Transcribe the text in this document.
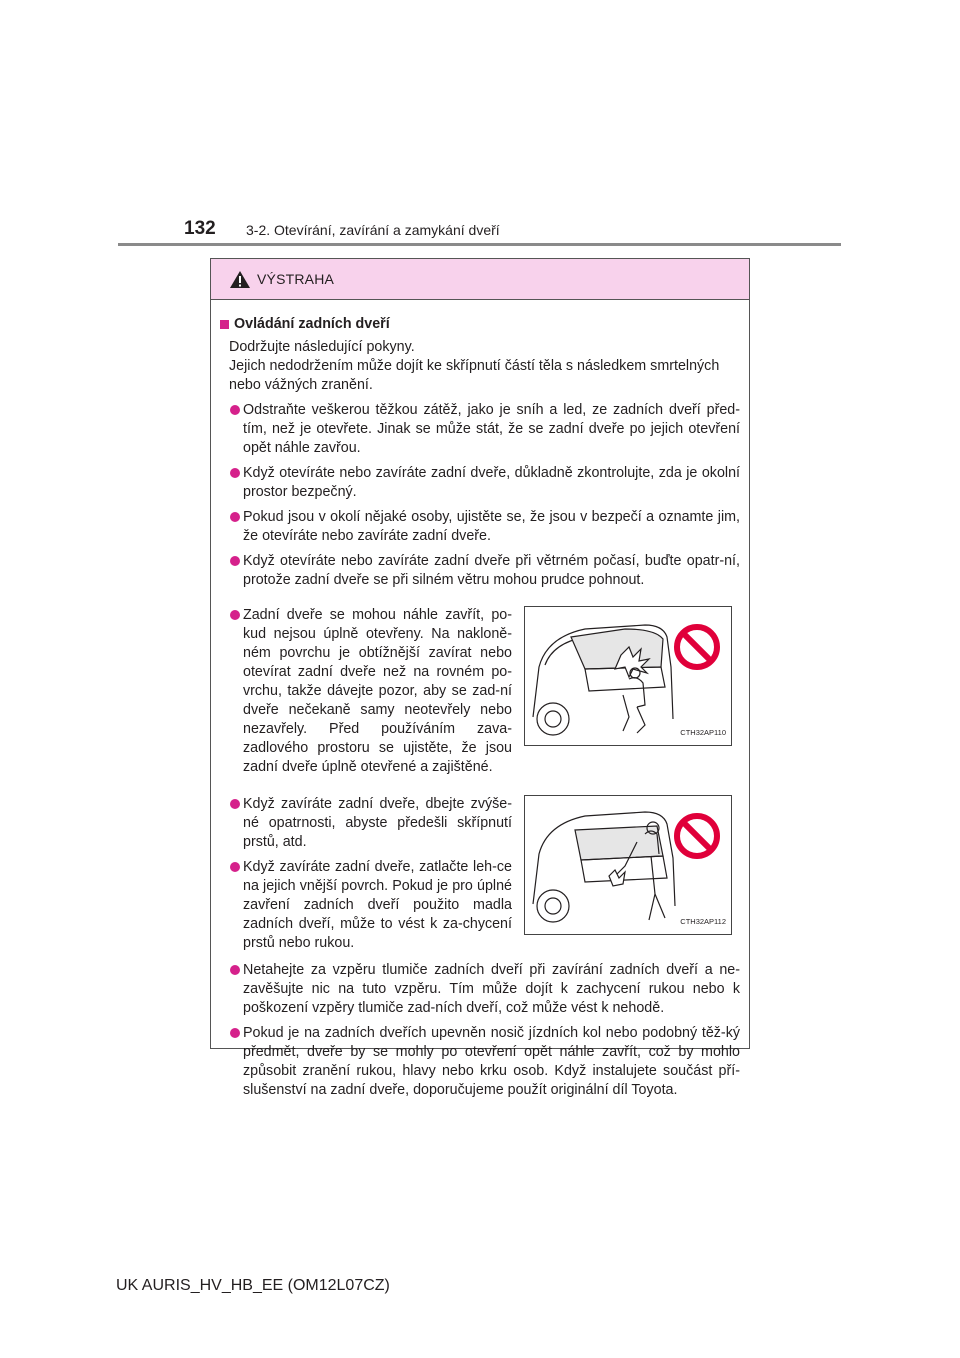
132 3-2. Otevírání, zavírání a zamykání dveří
VÝSTRAHA
Ovládání zadních dveří
Dodržujte následující pokyny.
Jejich nedodržením může dojít ke skřípnutí částí těla s následkem smrtelných nebo vážných zranění.
Odstraňte veškerou těžkou zátěž, jako je sníh a led, ze zadních dveří před-tím, než je otevřete. Jinak se může stát, že se zadní dveře po jejich otevření opět náhle zavřou.
Když otevíráte nebo zavíráte zadní dveře, důkladně zkontrolujte, zda je okolní prostor bezpečný.
Pokud jsou v okolí nějaké osoby, ujistěte se, že jsou v bezpečí a oznamte jim, že otevíráte nebo zavíráte zadní dveře.
Když otevíráte nebo zavíráte zadní dveře při větrném počasí, buďte opatr-ní, protože zadní dveře se při silném větru mohou prudce pohnout.
Zadní dveře se mohou náhle zavřít, po-kud nejsou úplně otevřeny. Na nakloně-ném povrchu je obtížnější zavírat nebo otevírat zadní dveře než na rovném po-vrchu, takže dávejte pozor, aby se zad-ní dveře nečekaně samy neotevřely nebo nezavřely. Před používáním zava-zadlového prostoru se ujistěte, že jsou zadní dveře úplně otevřené a zajištěné.
CTH32AP110
Když zavíráte zadní dveře, dbejte zvýše-né opatrnosti, abyste předešli skřípnutí prstů, atd.
Když zavíráte zadní dveře, zatlačte leh-ce na jejich vnější povrch. Pokud je pro úplné zavření zadních dveří použito madla zadních dveří, může to vést k za-chycení prstů nebo rukou.
CTH32AP112
Netahejte za vzpěru tlumiče zadních dveří při zavírání zadních dveří a ne-zavěšujte nic na tuto vzpěru. Tím může dojít k zachycení rukou nebo k poškození vzpěry tlumiče zad-ních dveří, což může vést k nehodě.
Pokud je na zadních dveřích upevněn nosič jízdních kol nebo podobný těž-ký předmět, dveře by se mohly po otevření opět náhle zavřít, což by mohlo způsobit zranění rukou, hlavy nebo krku osob. Když instalujete součást pří-slušenství na zadní dveře, doporučujeme použít originální díl Toyota.
UK AURIS_HV_HB_EE (OM12L07CZ)
